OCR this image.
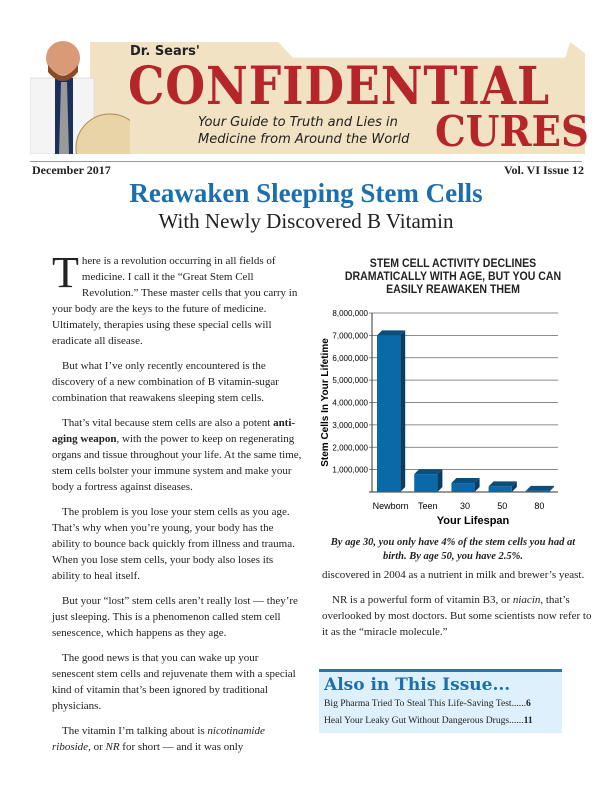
Dr. Sears'
CONFIDENTIAL
CURES
Your Guide to Truth and Lies in
Medicine from Around the World
December 2017	Vol. VI Issue 12
Reawaken Sleeping Stem Cells
With Newly Discovered B Vitamin

There is a revolution occurring in all fields of medicine. I call it the “Great Stem Cell Revolution.” These master cells that you carry in your body are the keys to the future of medicine. Ultimately, therapies using these special cells will eradicate all disease.

But what I’ve only recently encountered is the discovery of a new combination of B vitamin-sugar combination that reawakens sleeping stem cells.

That’s vital because stem cells are also a potent anti-aging weapon, with the power to keep on regenerating organs and tissue throughout your life. At the same time, stem cells bolster your immune system and make your body a fortress against diseases.

The problem is you lose your stem cells as you age. That’s why when you’re young, your body has the ability to bounce back quickly from illness and trauma. When you lose stem cells, your body also loses its ability to heal itself.

But your “lost” stem cells aren’t really lost — they’re just sleeping. This is a phenomenon called stem cell senescence, which happens as they age.

The good news is that you can wake up your senescent stem cells and rejuvenate them with a special kind of vitamin that’s been ignored by traditional physicians.

The vitamin I’m talking about is nicotinamide riboside, or NR for short — and it was only

STEM CELL ACTIVITY DECLINES DRAMATICALLY WITH AGE, BUT YOU CAN EASILY REAWAKEN THEM
1,000,000
2,000,000
3,000,000
4,000,000
5,000,000
6,000,000
7,000,000
8,000,000
Newborn Teen 30	50	80
Your Lifespan
Stem Cells In Your Lifetime
By age 30, you only have 4% of the stem cells you had at birth. By age 50, you have 2.5%.

discovered in 2004 as a nutrient in milk and brewer’s yeast.

NR is a powerful form of vitamin B3, or niacin, that’s overlooked by most doctors. But some scientists now refer to it as the “miracle molecule.”

Also in This Issue...
Big Pharma Tried To Steal This Life-Saving Test......6
Heal Your Leaky Gut Without Dangerous Drugs......11
